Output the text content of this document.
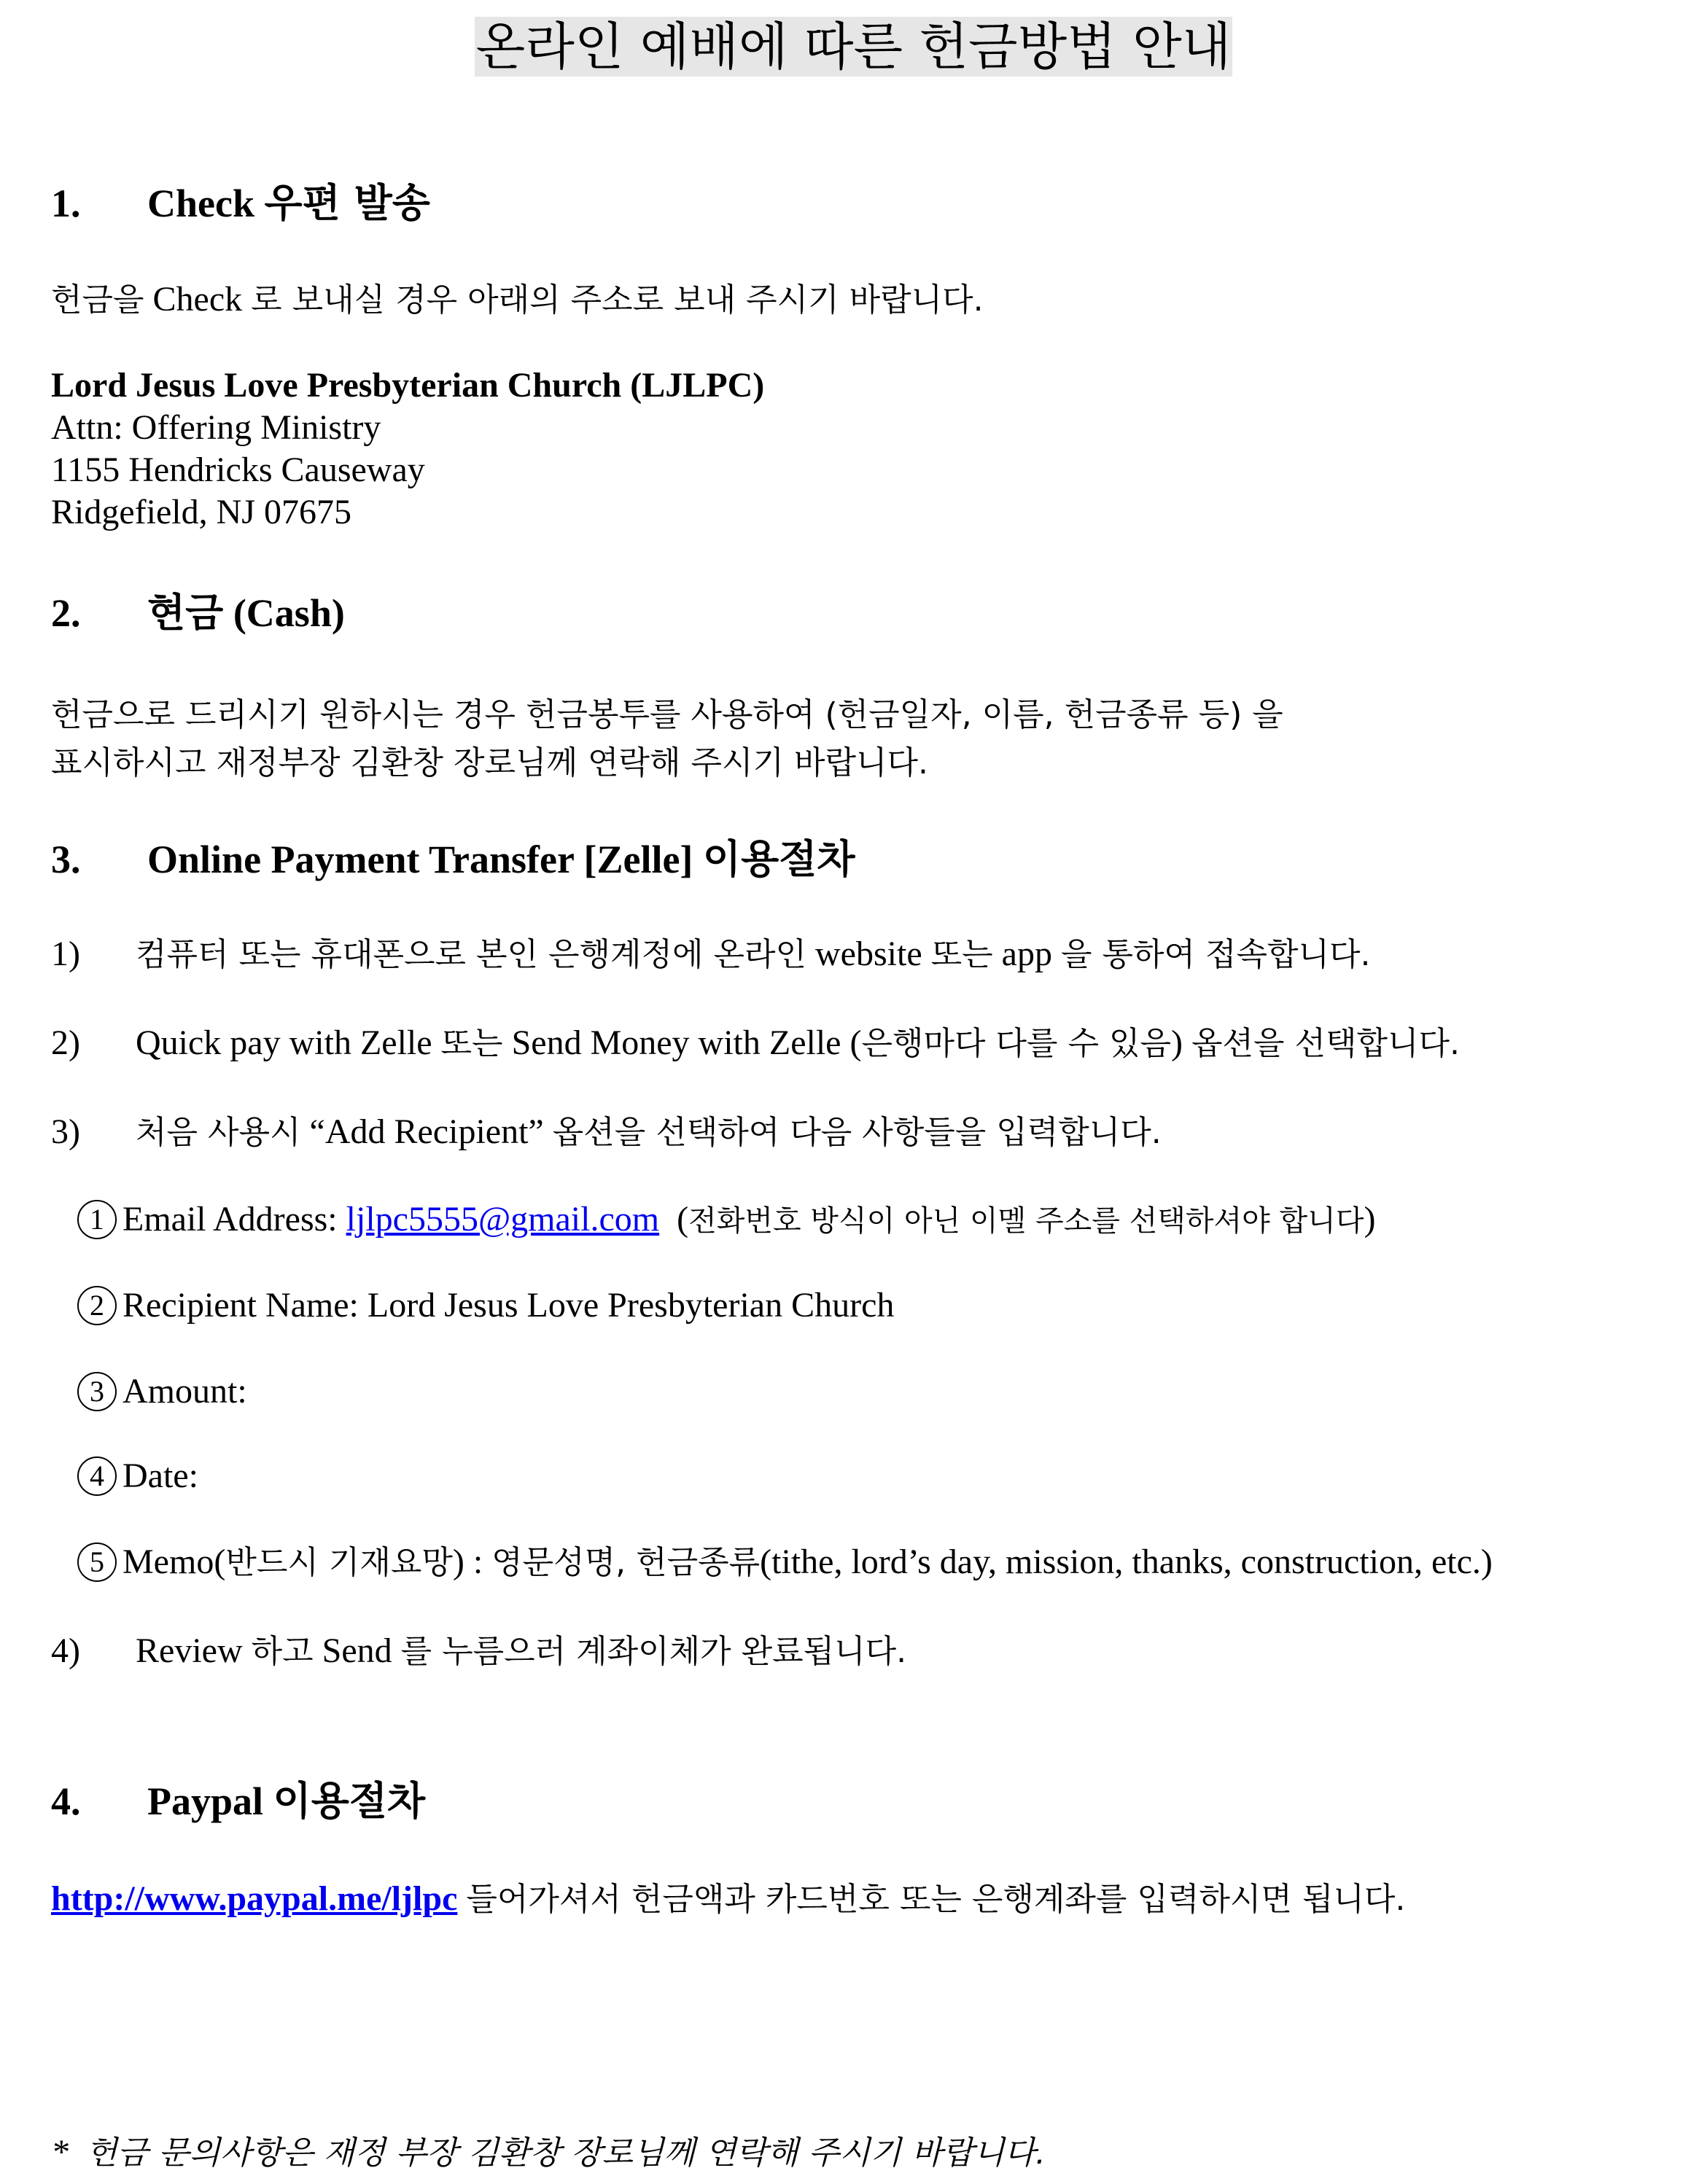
온라인 예배에 따른 헌금방법 안내
1. Check 우편 발송
헌금을 Check 로 보내실 경우 아래의 주소로 보내 주시기 바랍니다.
Lord Jesus Love Presbyterian Church (LJLPC)
Attn: Offering Ministry
1155 Hendricks Causeway
Ridgefield, NJ 07675
2. 현금 (Cash)
헌금으로 드리시기 원하시는 경우 헌금봉투를 사용하여 (헌금일자, 이름, 헌금종류 등) 을
표시하시고 재정부장 김환창 장로님께 연락해 주시기 바랍니다.
3. Online Payment Transfer [Zelle] 이용절차
1) 컴퓨터 또는 휴대폰으로 본인 은행계정에 온라인 website 또는 app 을 통하여 접속합니다.
2) Quick pay with Zelle 또는 Send Money with Zelle (은행마다 다를 수 있음) 옵션을 선택합니다.
3) 처음 사용시 “Add Recipient” 옵션을 선택하여 다음 사항들을 입력합니다.
1 Email Address: ljlpc5555@gmail.com (전화번호 방식이 아닌 이멜 주소를 선택하셔야 합니다)
2 Recipient Name: Lord Jesus Love Presbyterian Church
3 Amount:
4 Date:
5 Memo(반드시 기재요망) : 영문성명, 헌금종류(tithe, lord’s day, mission, thanks, construction, etc.)
4) Review 하고 Send 를 누름으러 계좌이체가 완료됩니다.
4. Paypal 이용절차
http://www.paypal.me/ljlpc 들어가셔서 헌금액과 카드번호 또는 은행계좌를 입력하시면 됩니다.
* 헌금 문의사항은 재정 부장 김환창 장로님께 연락해 주시기 바랍니다.
